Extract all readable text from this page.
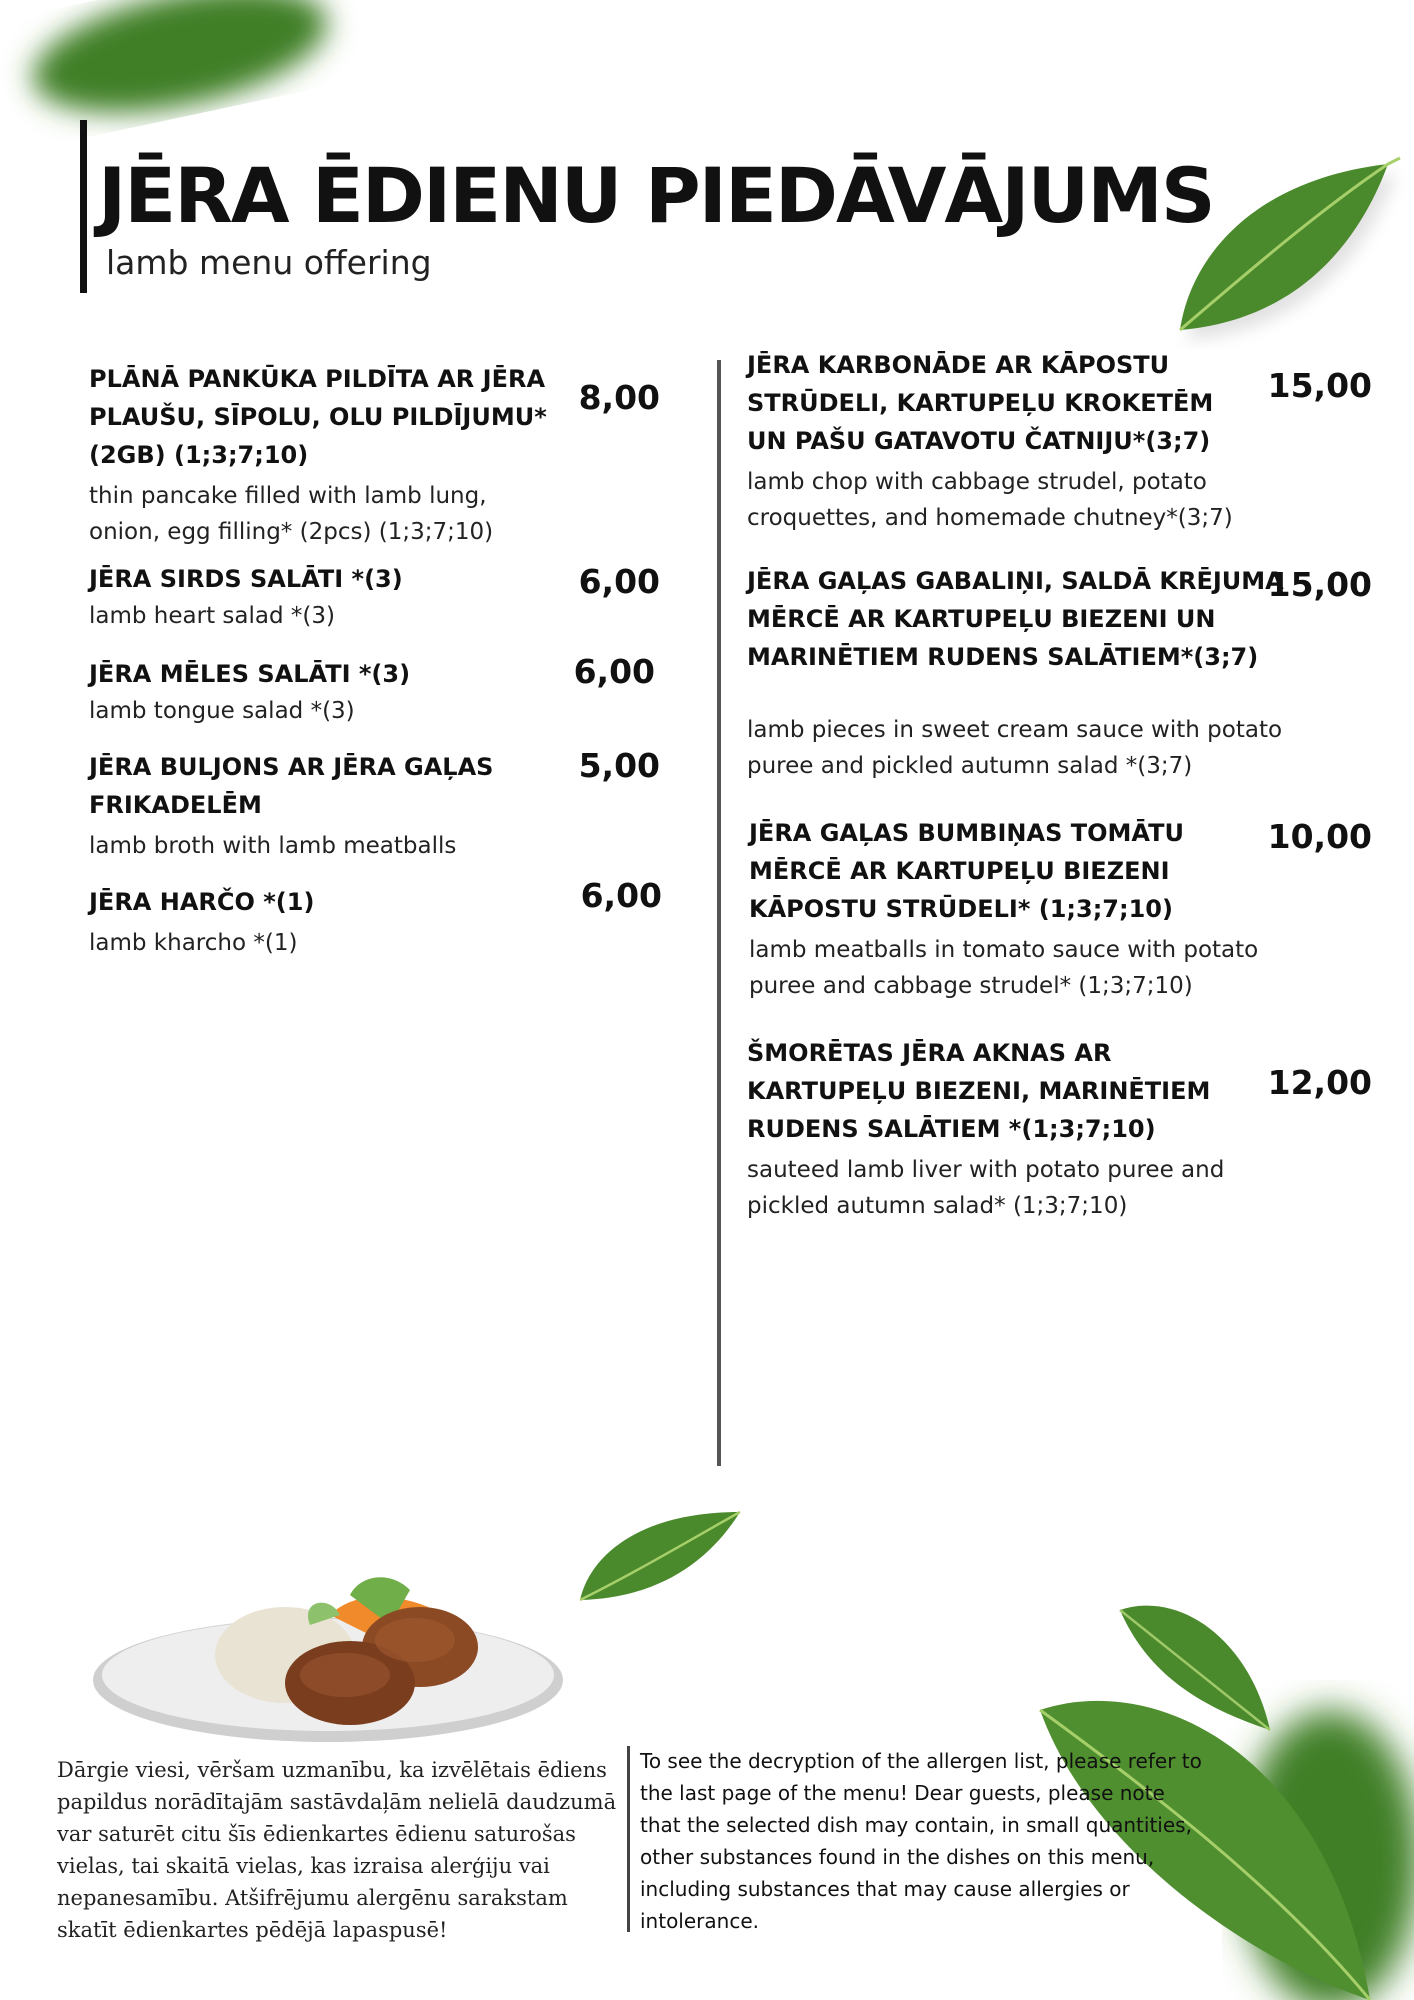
JĒRA ĒDIENU PIEDĀVĀJUMS
lamb menu offering
PLĀNĀ PANKŪKA PILDĪTA AR JĒRA PLAUŠU, SĪPOLU, OLU PILDĪJUMU* (2GB) (1;3;7;10)
thin pancake filled with lamb lung, onion, egg filling* (2pcs) (1;3;7;10)
8,00
JĒRA SIRDS SALĀTI *(3)
lamb heart salad *(3)
6,00
JĒRA MĒLES SALĀTI *(3)
lamb tongue salad *(3)
6,00
JĒRA BULJONS AR JĒRA GAĻAS FRIKADELĒM
lamb broth with lamb meatballs
5,00
JĒRA HARČO *(1)
lamb kharcho *(1)
6,00
JĒRA KARBONĀDE AR KĀPOSTU STRŪDELI, KARTUPEĻU KROKETĒM UN PAŠU GATAVOTU ČATNIJU*(3;7)
lamb chop with cabbage strudel, potato croquettes, and homemade chutney*(3;7)
15,00
JĒRA GAĻAS GABALIŅI, SALDĀ KRĒJUMA MĒRCĒ AR KARTUPEĻU BIEZENI UN MARINĒTIEM RUDENS SALĀTIEM*(3;7)
lamb pieces in sweet cream sauce with potato puree and pickled autumn salad *(3;7)
15,00
JĒRA GAĻAS BUMBIŅAS TOMĀTU MĒRCĒ AR KARTUPEĻU BIEZENI KĀPOSTU STRŪDELI* (1;3;7;10)
lamb meatballs in tomato sauce with potato puree and cabbage strudel* (1;3;7;10)
10,00
ŠMORĒTAS JĒRA AKNAS AR KARTUPEĻU BIEZENI, MARINĒTIEM RUDENS SALĀTIEM *(1;3;7;10)
sauteed lamb liver with potato puree and pickled autumn salad* (1;3;7;10)
12,00
Dārgie viesi, vēršam uzmanību, ka izvēlētais ēdiens papildus norādītajām sastāvdaļām nelielā daudzumā var saturēt citu šīs ēdienkartes ēdienu saturošas vielas, tai skaitā vielas, kas izraisa alerģiju vai nepanesamību. Atšifrējumu alergēnu sarakstam skatīt ēdienkartes pēdējā lapaspusē!
To see the decryption of the allergen list, please refer to the last page of the menu! Dear guests, please note that the selected dish may contain, in small quantities, other substances found in the dishes on this menu, including substances that may cause allergies or intolerance.
